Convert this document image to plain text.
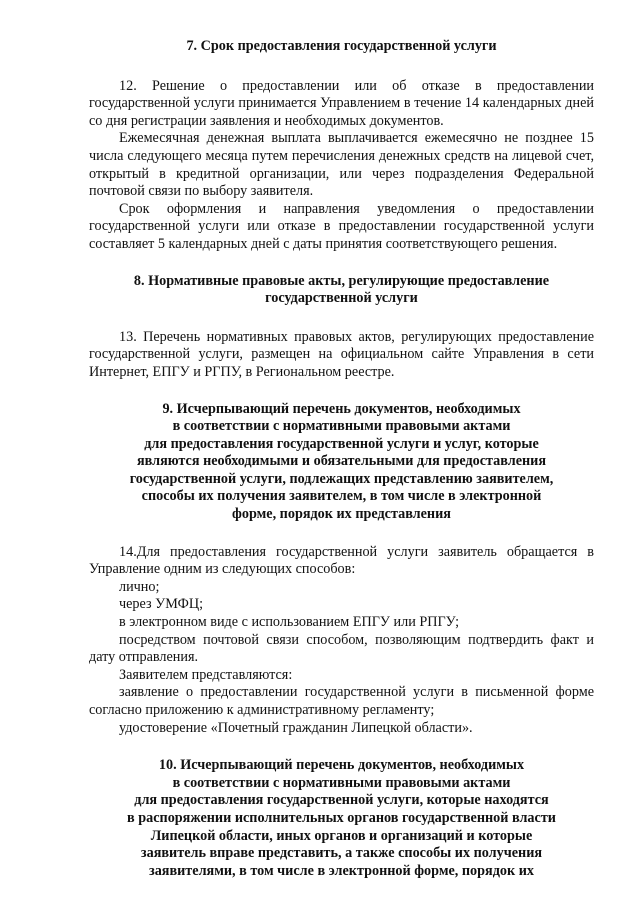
7. Срок предоставления государственной услуги

12. Решение о предоставлении или об отказе в предоставлении государственной услуги принимается Управлением в течение 14 календарных дней со дня регистрации заявления и необходимых документов.

Ежемесячная денежная выплата выплачивается ежемесячно не позднее 15 числа следующего месяца путем перечисления денежных средств на лицевой счет, открытый в кредитной организации, или через подразделения Федеральной почтовой связи по выбору заявителя.

Срок оформления и направления уведомления о предоставлении государственной услуги или отказе в предоставлении государственной услуги составляет 5 календарных дней с даты принятия соответствующего решения.

8. Нормативные правовые акты, регулирующие предоставление
государственной услуги

13. Перечень нормативных правовых актов, регулирующих предоставление государственной услуги, размещен на официальном сайте Управления в сети Интернет, ЕПГУ и РГПУ, в Региональном реестре.

9. Исчерпывающий перечень документов, необходимых
в соответствии с нормативными правовыми актами
для предоставления государственной услуги и услуг, которые
являются необходимыми и обязательными для предоставления
государственной услуги, подлежащих представлению заявителем,
способы их получения заявителем, в том числе в электронной
форме, порядок их представления

14.Для предоставления государственной услуги заявитель обращается в Управление одним из следующих способов:

лично;

через УМФЦ;

в электронном виде с использованием ЕПГУ или РПГУ;

посредством почтовой связи способом, позволяющим подтвердить факт и дату отправления.

Заявителем представляются:

заявление о предоставлении государственной услуги в письменной форме согласно приложению к административному регламенту;

удостоверение «Почетный гражданин Липецкой области».

10. Исчерпывающий перечень документов, необходимых
в соответствии с нормативными правовыми актами
для предоставления государственной услуги, которые находятся
в распоряжении исполнительных органов государственной власти
Липецкой области, иных органов и организаций и которые
заявитель вправе представить, а также способы их получения
заявителями, в том числе в электронной форме, порядок их
